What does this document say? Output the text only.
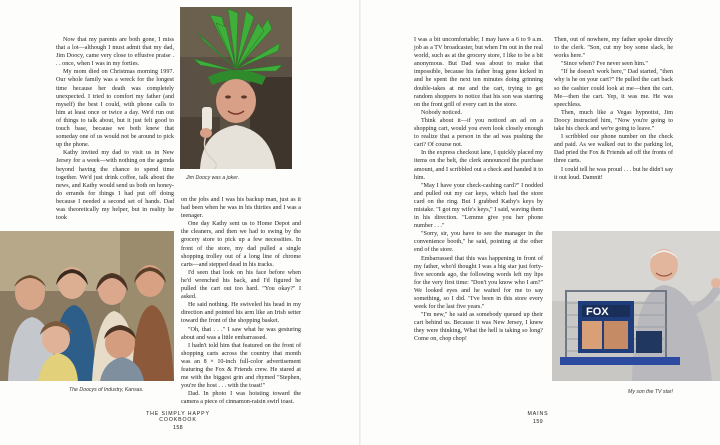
Now that my parents are both gone, I miss that a lot—although I must admit that my dad, Jim Doocy, came very close to effusive praise . . . once, when I was in my forties.

My mom died on Christmas morning 1997. Our whole family was a wreck for the longest time because her death was completely unexpected. I tried to comfort my father (and myself) the best I could, with phone calls to him at least once or twice a day. We'd run out of things to talk about, but it just felt good to touch base, because we both knew that someday one of us would not be around to pick up the phone.

Kathy invited my dad to visit us in New Jersey for a week—with nothing on the agenda beyond having the chance to spend time together. We'd just drink coffee, talk about the news, and Kathy would send us both on honey-do errands for things I had put off doing because I needed a second set of hands. Dad was theoretically my helper, but in reality he took

Jim Doocy was a joker.

on the jobs and I was his backup man, just as it had been when he was in his thirties and I was a teenager.

One day Kathy sent us to Home Depot and the cleaners, and then we had to swing by the grocery store to pick up a few necessities. In front of the store, my dad pulled a single shopping trolley out of a long line of chrome carts—and stepped dead in his tracks.

I'd seen that look on his face before when he'd wrenched his back, and I'd figured he pulled the cart out too hard. "You okay?" I asked.

He said nothing. He swiveled his head in my direction and pointed his arm like an Irish setter toward the front of the shopping basket.

"Oh, that . . ." I saw what he was gesturing about and was a little embarrassed.

I hadn't told him that featured on the front of shopping carts across the country that month was an 8 × 10-inch full-color advertisement featuring the Fox & Friends crew. He stared at me with the biggest grin and rhymed "Stephen, you're the host . . . with the toast!"

Dad. In photo I was hoisting toward the camera a piece of cinnamon-raisin swirl toast.

The Doocys of Industry, Kansas.
THE SIMPLY HAPPY COOKBOOK
158

I was a bit uncomfortable; I may have a 6 to 9 a.m. job as a TV broadcaster, but when I'm out in the real world, such as at the grocery store, I like to be a bit anonymous. But Dad was about to make that impossible, because his father brag gene kicked in and he spent the next ten minutes doing grinning double-takes at me and the cart, trying to get random shoppers to notice that his son was starring on the front grill of every cart in the store.

Nobody noticed.

Think about it—if you noticed an ad on a shopping cart, would you even look closely enough to realize that a person in the ad was pushing the cart? Of course not.

In the express checkout lane, I quickly placed my items on the belt, the clerk announced the purchase amount, and I scribbled out a check and handed it to him.

"May I have your check-cashing card?" I nodded and pulled out my car keys, which had the store card on the ring. But I grabbed Kathy's keys by mistake. "I got my wife's keys," I said, waving them in his direction. "Lemme give you her phone number . . ."

"Sorry, sir, you have to see the manager in the convenience booth," he said, pointing at the other end of the store.

Embarrassed that this was happening in front of my father, who'd thought I was a big star just forty-five seconds ago, the following words left my lips for the very first time: "Don't you know who I am?" We looked eyes and he waited for me to say something, so I did. "I've been in this store every week for the last five years."

"I'm new," he said as somebody queued up their cart behind us. Because it was New Jersey, I knew they were thinking, What the hell is taking so long? Come on, chop chop!

Then, out of nowhere, my father spoke directly to the clerk. "Son, cut my boy some slack, he works here."

"Since when? I've never seen him."

"If he doesn't work here," Dad started, "then why is he on your cart?" He pulled the cart back so the cashier could look at me—then the cart. Me—then the cart. Yep, it was me. He was speechless.

Then, much like a Vegas hypnotist, Jim Doocy instructed him, "Now you're going to take his check and we're going to leave."

I scribbled our phone number on the check and paid. As we walked out to the parking lot, Dad pried the Fox & Friends ad off the fronts of three carts.

I could tell he was proud . . . but he didn't say it out loud. Damnit!

FOX
My son the TV star!
MAINS
159
